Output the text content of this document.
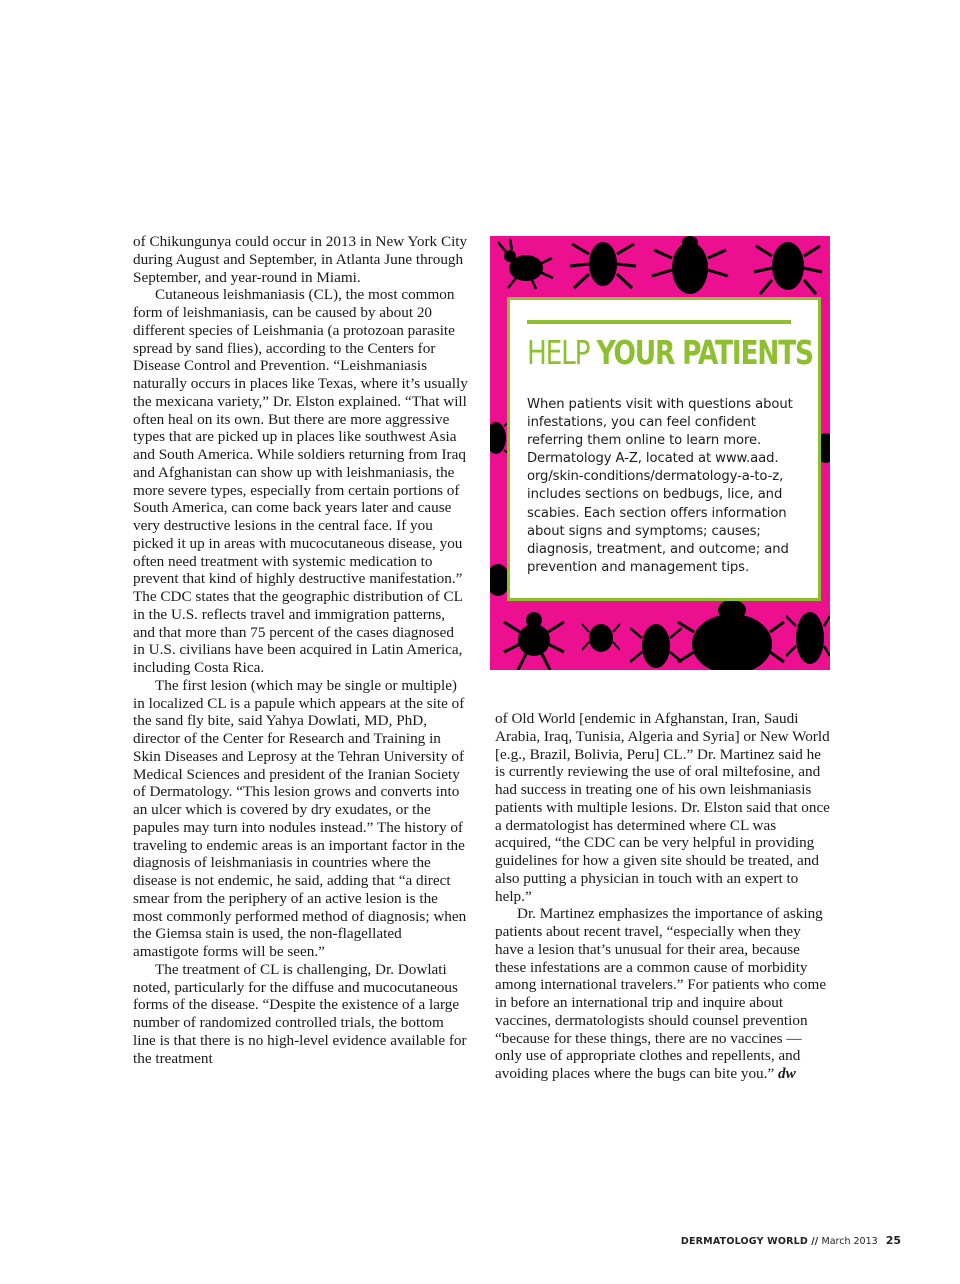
of Chikungunya could occur in 2013 in New York City during August and September, in Atlanta June through September, and year-round in Miami.

Cutaneous leishmaniasis (CL), the most common form of leishmaniasis, can be caused by about 20 different species of Leishmania (a protozoan parasite spread by sand flies), according to the Centers for Disease Control and Prevention. “Leishmaniasis naturally occurs in places like Texas, where it’s usually the mexicana variety,” Dr. Elston explained. “That will often heal on its own. But there are more aggressive types that are picked up in places like southwest Asia and South America. While soldiers returning from Iraq and Afghanistan can show up with leishmaniasis, the more severe types, especially from certain portions of South America, can come back years later and cause very destructive lesions in the central face. If you picked it up in areas with mucocutaneous disease, you often need treatment with systemic medication to prevent that kind of highly destructive manifestation.” The CDC states that the geographic distribution of CL in the U.S. reflects travel and immigration patterns, and that more than 75 percent of the cases diagnosed in U.S. civilians have been acquired in Latin America, including Costa Rica.

The first lesion (which may be single or multiple) in localized CL is a papule which appears at the site of the sand fly bite, said Yahya Dowlati, MD, PhD, director of the Center for Research and Training in Skin Diseases and Leprosy at the Tehran University of Medical Sciences and president of the Iranian Society of Dermatology. “This lesion grows and converts into an ulcer which is covered by dry exudates, or the papules may turn into nodules instead.” The history of traveling to endemic areas is an important factor in the diagnosis of leishmaniasis in countries where the disease is not endemic, he said, adding that “a direct smear from the periphery of an active lesion is the most commonly performed method of diagnosis; when the Giemsa stain is used, the non-flagellated amastigote forms will be seen.”

The treatment of CL is challenging, Dr. Dowlati noted, particularly for the diffuse and mucocutaneous forms of the disease. “Despite the existence of a large number of randomized controlled trials, the bottom line is that there is no high-level evidence available for the treatment

HELP YOUR PATIENTS

When patients visit with questions about infestations, you can feel confident referring them online to learn more. Dermatology A-Z, located at www.aad. org/skin-conditions/dermatology-a-to-z, includes sections on bedbugs, lice, and scabies. Each section offers information about signs and symptoms; causes; diagnosis, treatment, and outcome; and prevention and management tips.

of Old World [endemic in Afghanstan, Iran, Saudi Arabia, Iraq, Tunisia, Algeria and Syria] or New World [e.g., Brazil, Bolivia, Peru] CL.” Dr. Martinez said he is currently reviewing the use of oral miltefosine, and had success in treating one of his own leishmaniasis patients with multiple lesions. Dr. Elston said that once a dermatologist has determined where CL was acquired, “the CDC can be very helpful in providing guidelines for how a given site should be treated, and also putting a physician in touch with an expert to help.”

Dr. Martinez emphasizes the importance of asking patients about recent travel, “especially when they have a lesion that’s unusual for their area, because these infestations are a common cause of morbidity among international travelers.” For patients who come in before an international trip and inquire about vaccines, dermatologists should counsel prevention “because for these things, there are no vaccines — only use of appropriate clothes and repellents, and avoiding places where the bugs can bite you.” dw

DERMATOLOGY WORLD // March 2013 25
